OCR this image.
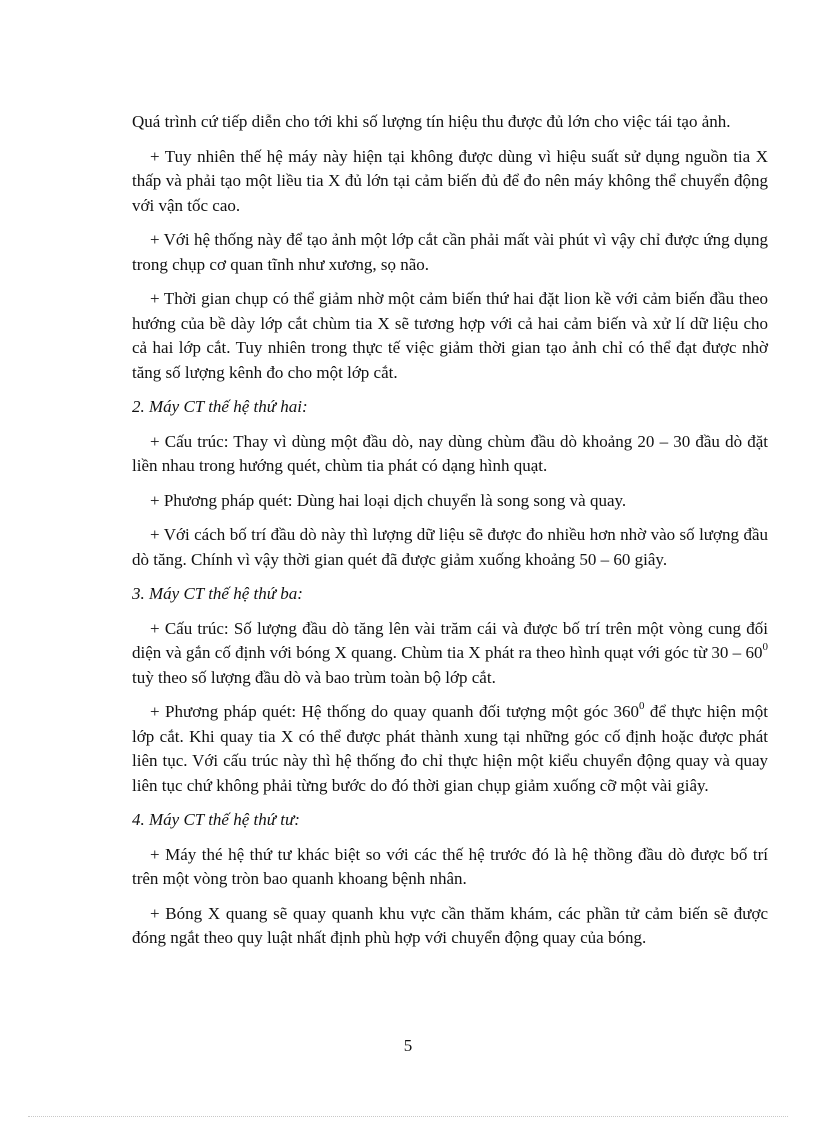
Quá trình cứ tiếp diễn cho tới khi số lượng tín hiệu thu được đủ lớn cho việc tái tạo ảnh.

+ Tuy nhiên thế hệ máy này hiện tại không được dùng vì hiệu suất sử dụng nguồn tia X thấp và phải tạo một liều tia X đủ lớn tại cảm biến đủ để đo nên máy không thể chuyển động với vận tốc cao.

+ Với hệ thống này để tạo ảnh một lớp cắt cần phải mất vài phút vì vậy chỉ được ứng dụng trong chụp cơ quan tĩnh như xương, sọ não.

+ Thời gian chụp có thể giảm nhờ một cảm biến thứ hai đặt lion kề với cảm biến đầu theo hướng của bề dày lớp cắt chùm tia X sẽ tương hợp với cả hai cảm biến và xử lí dữ liệu cho cả hai lớp cắt. Tuy nhiên trong thực tế việc giảm thời gian tạo ảnh chỉ có thể đạt được nhờ tăng số lượng kênh đo cho một lớp cắt.

2. Máy CT thế hệ thứ hai:

+ Cấu trúc: Thay vì dùng một đầu dò, nay dùng chùm đầu dò khoảng 20 – 30 đầu dò đặt liền nhau trong hướng quét, chùm tia phát có dạng hình quạt.

+ Phương pháp quét: Dùng hai loại dịch chuyển là song song và quay.

+ Với cách bố trí đầu dò này thì lượng dữ liệu sẽ được đo nhiều hơn nhờ vào số lượng đầu dò tăng. Chính vì vậy thời gian quét đã được giảm xuống khoảng 50 – 60 giây.

3. Máy CT thế hệ thứ ba:

+ Cấu trúc: Số lượng đầu dò tăng lên vài trăm cái và được bố trí trên một vòng cung đối diện và gắn cố định với bóng X quang. Chùm tia X phát ra theo hình quạt với góc từ $30 - 60^0$ tuỳ theo số lượng đầu dò và bao trùm toàn bộ lớp cắt.

+ Phương pháp quét: Hệ thống do quay quanh đối tượng một góc $360^0$ để thực hiện một lớp cắt. Khi quay tia X có thể được phát thành xung tại những góc cố định hoặc được phát liên tục. Với cấu trúc này thì hệ thống đo chỉ thực hiện một kiểu chuyển động quay và quay liên tục chứ không phải từng bước do đó thời gian chụp giảm xuống cỡ một vài giây.

4. Máy CT thế hệ thứ tư:

+ Máy thé hệ thứ tư khác biệt so với các thế hệ trước đó là hệ thồng đầu dò được bố trí trên một vòng tròn bao quanh khoang bệnh nhân.

+ Bóng X quang sẽ quay quanh khu vực cần thăm khám, các phần tử cảm biến sẽ được đóng ngắt theo quy luật nhất định phù hợp với chuyển động quay của bóng.

5
